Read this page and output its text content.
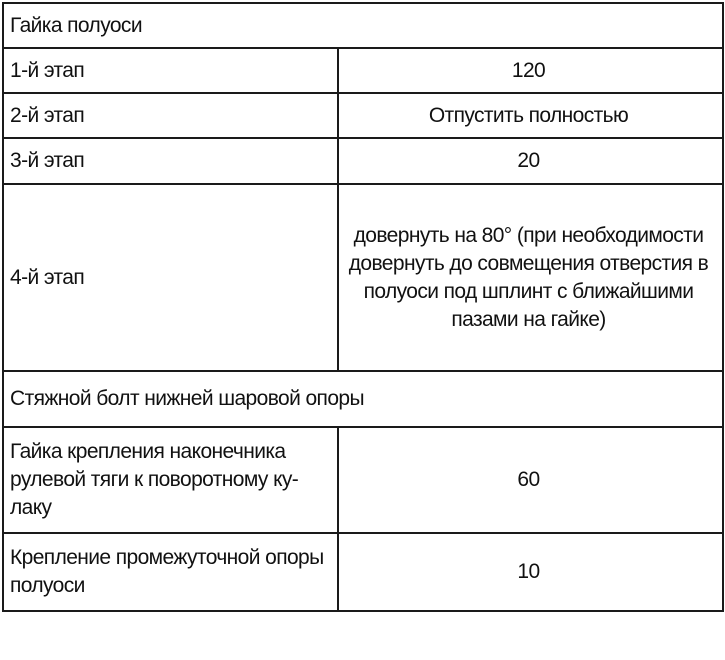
Гайка полуоси	
1-й этап	120
2-й этап	Отпустить полностью
3-й этап	20
4-й этап	довернуть на 80° (при необходимости довернуть до совмещения отверстия в полуоси под шплинт с ближайшими пазами на гайке)
Стяжной болт нижней шаровой опоры	
Гайка крепления наконечника рулевой тяги к поворотному ку-лаку	60
Крепление промежуточной опоры полуоси	10
